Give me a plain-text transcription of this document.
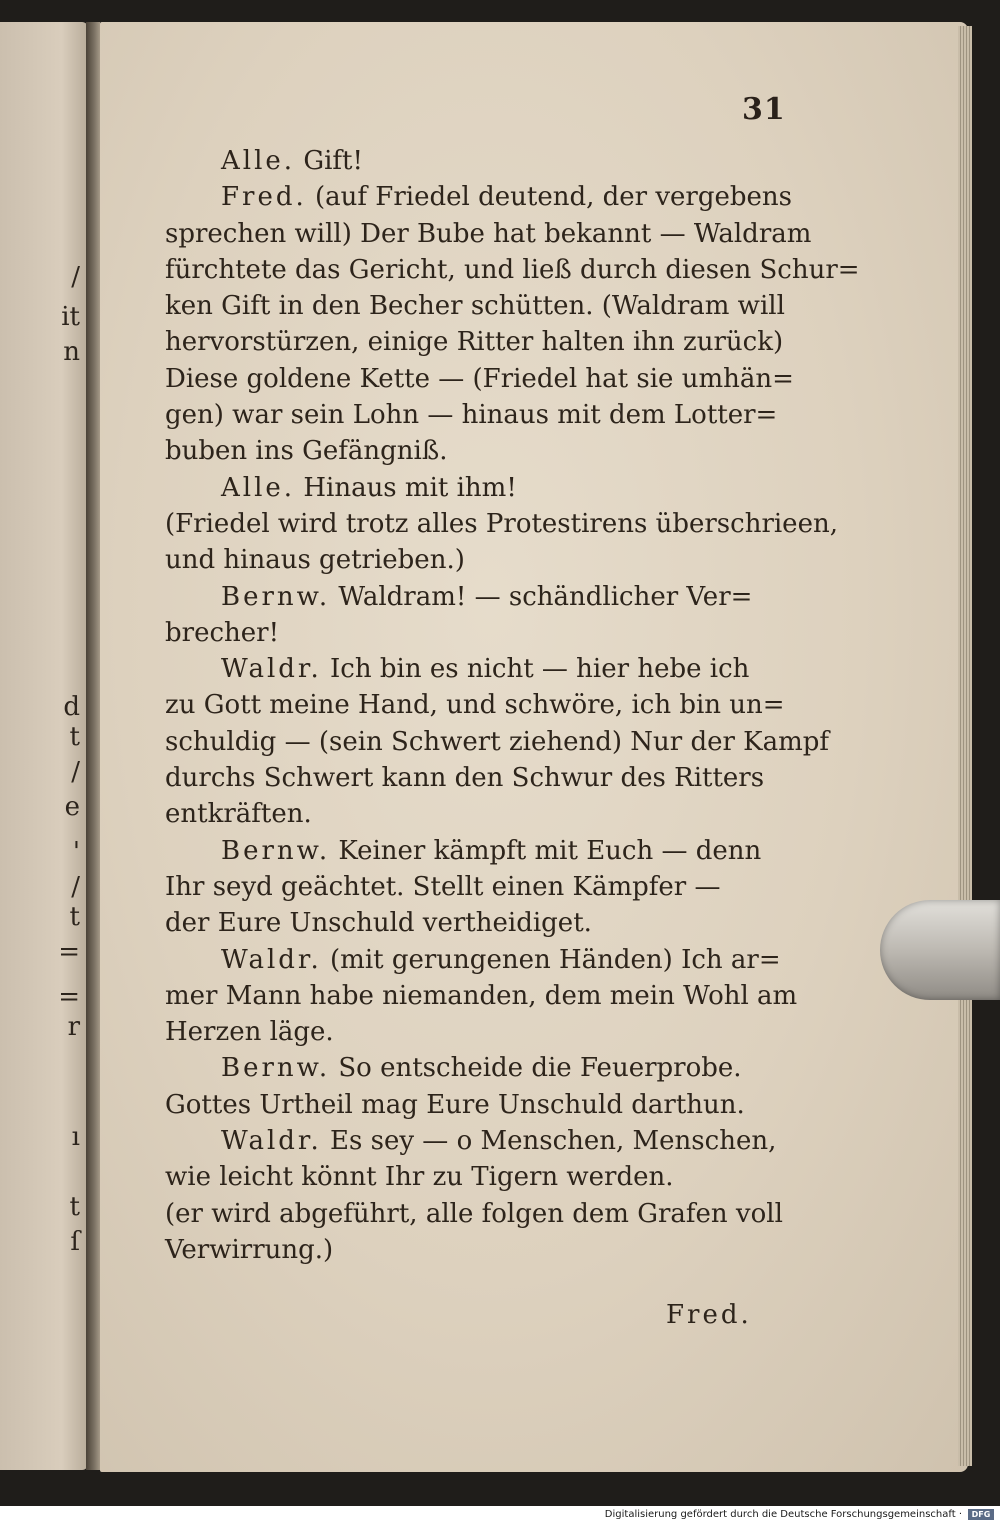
/
it
n
d
t
/
e
'
/
t
=
=
r
ı
t
ſ
31
Alle. Gift!
Fred. (auf Friedel deutend, der vergebens
sprechen will) Der Bube hat bekannt — Waldram
fürchtete das Gericht, und ließ durch diesen Schur=
ken Gift in den Becher schütten. (Waldram will
hervorstürzen, einige Ritter halten ihn zurück)
Diese goldene Kette — (Friedel hat sie umhän=
gen) war sein Lohn — hinaus mit dem Lotter=
buben ins Gefängniß.
Alle. Hinaus mit ihm!
(Friedel wird trotz alles Protestirens überschrieen,
und hinaus getrieben.)
Bernw. Waldram! — schändlicher Ver=
brecher!
Waldr. Ich bin es nicht — hier hebe ich
zu Gott meine Hand, und schwöre, ich bin un=
schuldig — (sein Schwert ziehend) Nur der Kampf
durchs Schwert kann den Schwur des Ritters
entkräften.
Bernw. Keiner kämpft mit Euch — denn
Ihr seyd geächtet. Stellt einen Kämpfer —
der Eure Unschuld vertheidiget.
Waldr. (mit gerungenen Händen) Ich ar=
mer Mann habe niemanden, dem mein Wohl am
Herzen läge.
Bernw. So entscheide die Feuerprobe.
Gottes Urtheil mag Eure Unschuld darthun.
Waldr. Es sey — o Menschen, Menschen,
wie leicht könnt Ihr zu Tigern werden.
(er wird abgeführt, alle folgen dem Grafen voll
Verwirrung.)
Fred.
Digitalisierung gefördert durch die Deutsche Forschungsgemeinschaft ·	DFG
